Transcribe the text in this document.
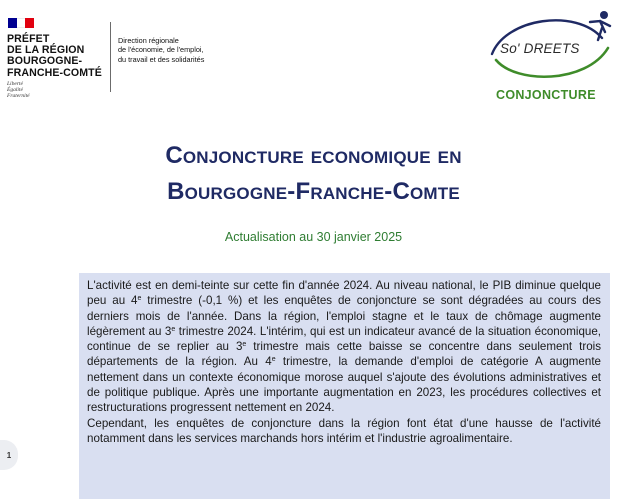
PRÉFET
DE LA RÉGION
BOURGOGNE-
FRANCHE-COMTÉ
Liberté
Égalité
Fraternité
Direction régionale
de l'économie, de l'emploi,
du travail et des solidarités
So' DREETS
CONJONCTURE
Conjoncture economique en
Bourgogne-Franche-Comte
Actualisation au 30 janvier 2025

L'activité est en demi-teinte sur cette fin d'année 2024. Au niveau national, le PIB diminue quelque peu au 4e trimestre (-0,1 %) et les enquêtes de conjoncture se sont dégradées au cours des derniers mois de l'année. Dans la région, l'emploi stagne et le taux de chômage augmente légèrement au 3e trimestre 2024. L'intérim, qui est un indicateur avancé de la situation économique, continue de se replier au 3e trimestre mais cette baisse se concentre dans seulement trois départements de la région. Au 4e trimestre, la demande d'emploi de catégorie A augmente nettement dans un contexte économique morose auquel s'ajoute des évolutions administratives et de politique publique. Après une importante augmentation en 2023, les procédures collectives et restructurations progressent nettement en 2024.

Cependant, les enquêtes de conjoncture dans la région font état d'une hausse de l'activité notamment dans les services marchands hors intérim et l'industrie agroalimentaire.

1
